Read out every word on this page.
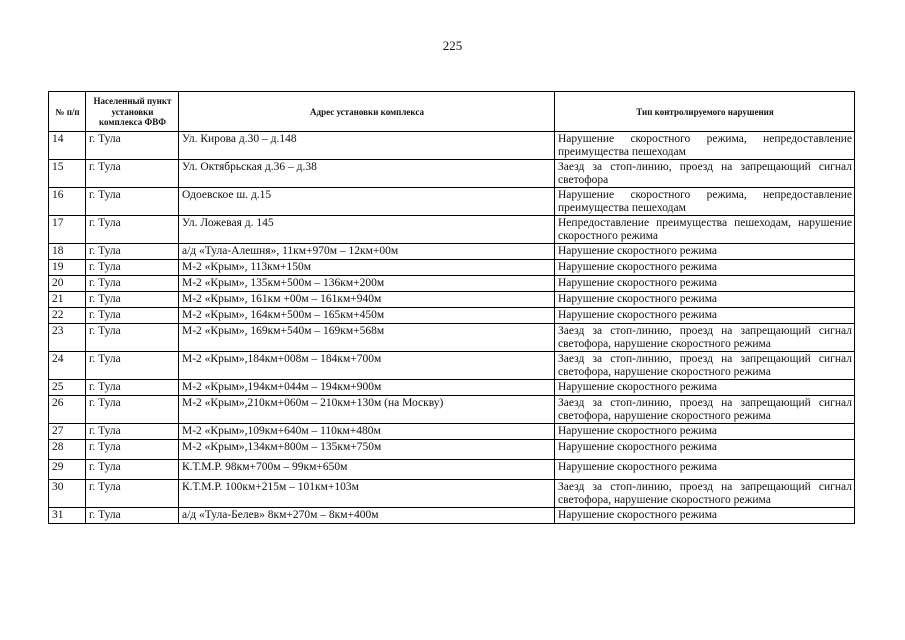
225
№ п/п	Населенный пункт установки комплекса ФВФ	Адрес установки комплекса	Тип контролируемого нарушения
14	г. Тула	Ул. Кирова д.30 – д.148	Нарушение скоростного режима, непредоставление преимущества пешеходам
15	г. Тула	Ул. Октябрьская д.36 – д.38	Заезд за стоп-линию, проезд на запрещающий сигнал светофора
16	г. Тула	Одоевское ш. д.15	Нарушение скоростного режима, непредоставление преимущества пешеходам
17	г. Тула	Ул. Ложевая д. 145	Непредоставление преимущества пешеходам, нарушение скоростного режима
18	г. Тула	а/д «Тула-Алешня», 11км+970м – 12км+00м	Нарушение скоростного режима
19	г. Тула	М-2 «Крым», 113км+150м	Нарушение скоростного режима
20	г. Тула	М-2 «Крым», 135км+500м – 136км+200м	Нарушение скоростного режима
21	г. Тула	М-2 «Крым», 161км +00м – 161км+940м	Нарушение скоростного режима
22	г. Тула	М-2 «Крым», 164км+500м – 165км+450м	Нарушение скоростного режима
23	г. Тула	М-2 «Крым», 169км+540м – 169км+568м	Заезд за стоп-линию, проезд на запрещающий сигнал светофора, нарушение скоростного режима
24	г. Тула	М-2 «Крым»,184км+008м – 184км+700м	Заезд за стоп-линию, проезд на запрещающий сигнал светофора, нарушение скоростного режима
25	г. Тула	М-2 «Крым»,194км+044м – 194км+900м	Нарушение скоростного режима
26	г. Тула	М-2 «Крым»,210км+060м – 210км+130м (на Москву)	Заезд за стоп-линию, проезд на запрещающий сигнал светофора, нарушение скоростного режима
27	г. Тула	М-2 «Крым»,109км+640м – 110км+480м	Нарушение скоростного режима
28	г. Тула	М-2 «Крым»,134км+800м – 135км+750м	Нарушение скоростного режима
29	г. Тула	К.Т.М.Р. 98км+700м – 99км+650м	Нарушение скоростного режима
30	г. Тула	К.Т.М.Р. 100км+215м – 101км+103м	Заезд за стоп-линию, проезд на запрещающий сигнал светофора, нарушение скоростного режима
31	г. Тула	а/д «Тула-Белев» 8км+270м – 8км+400м	Нарушение скоростного режима
